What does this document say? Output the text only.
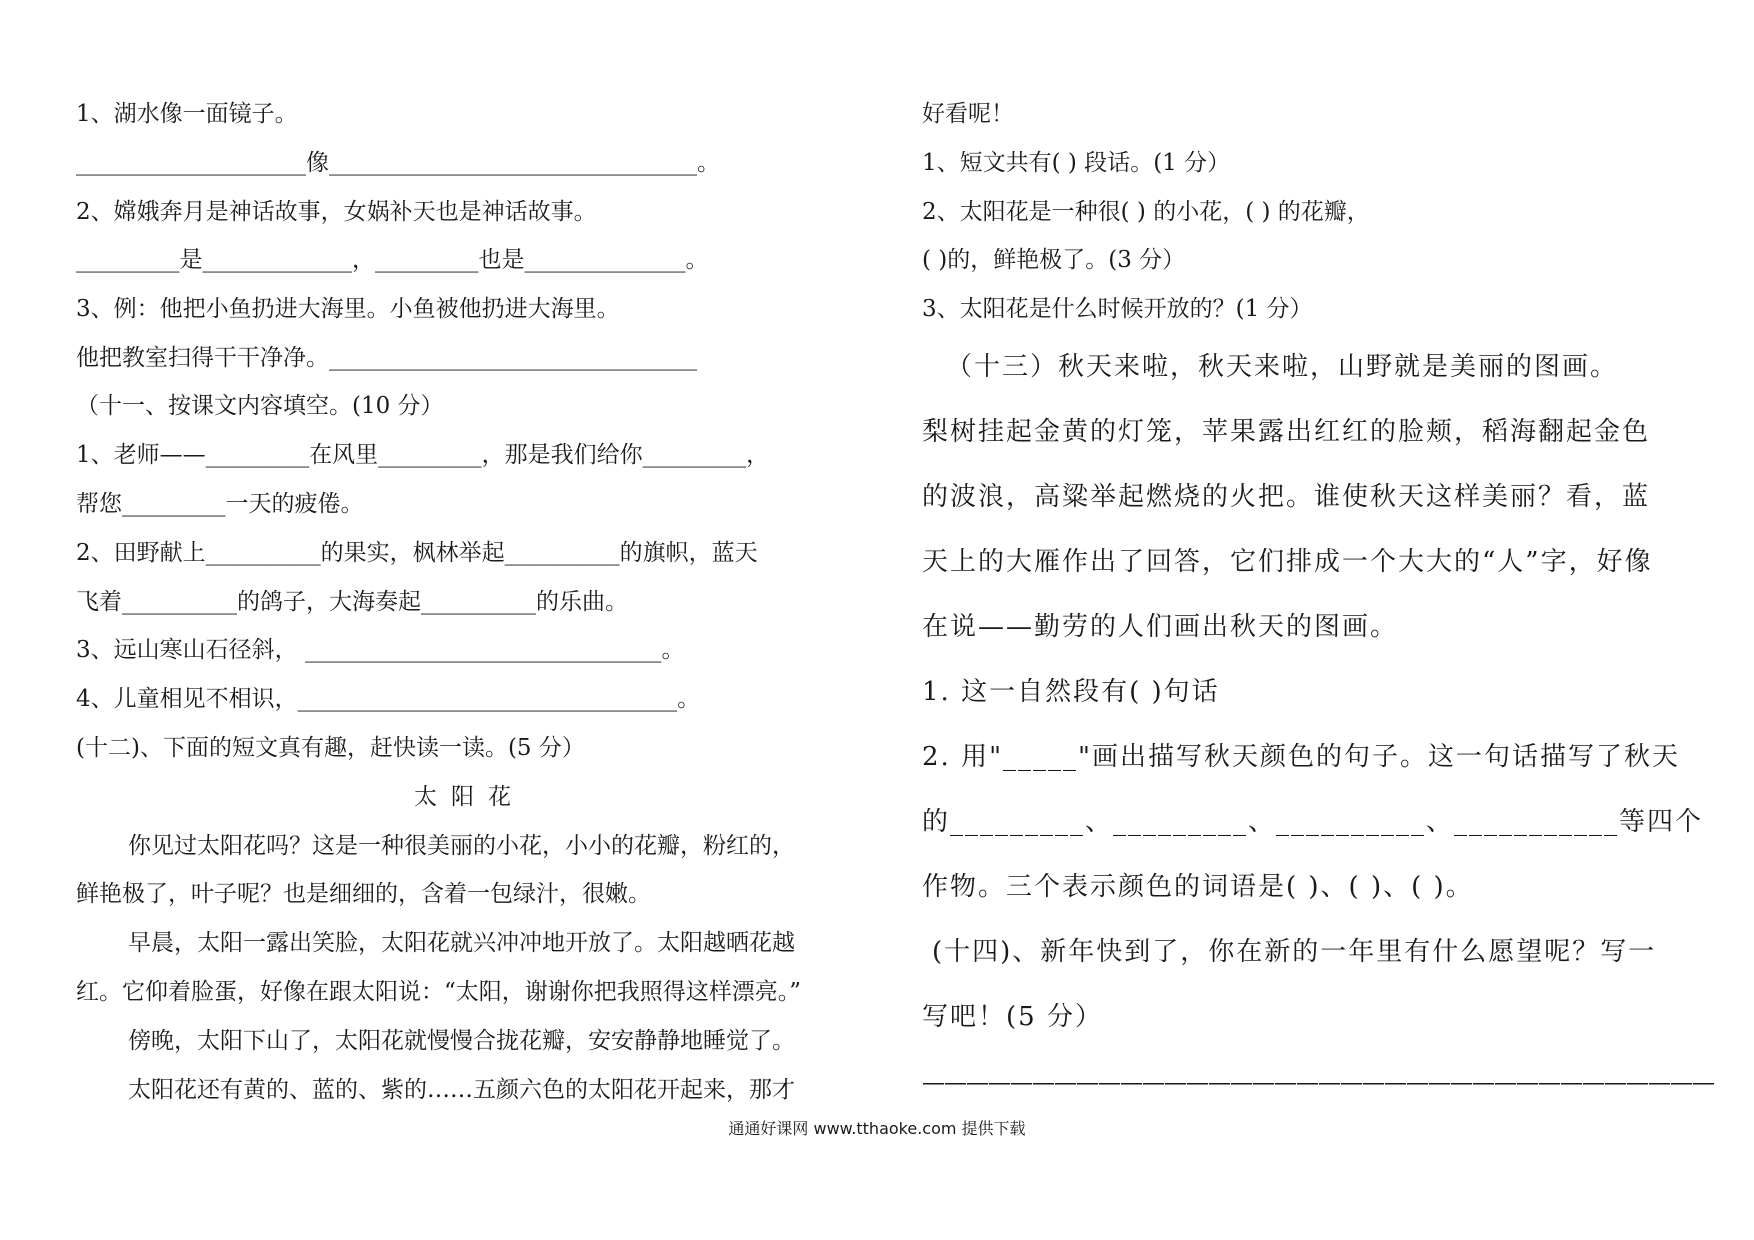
1、湖水像一面镜子。
____________________像________________________________。
2、嫦娥奔月是神话故事，女娲补天也是神话故事。
_________是_____________，_________也是______________。
3、例：他把小鱼扔进大海里。小鱼被他扔进大海里。
他把教室扫得干干净净。________________________________
（十一、按课文内容填空。(10 分）
1、老师——_________在风里_________，那是我们给你_________，
帮您_________一天的疲倦。
2、田野献上__________的果实，枫林举起__________的旗帜，蓝天
飞着__________的鸽子，大海奏起__________的乐曲。
3、远山寒山石径斜， _______________________________。
4、儿童相见不相识，_________________________________。
(十二)、下面的短文真有趣，赶快读一读。(5 分）
太阳花
你见过太阳花吗？这是一种很美丽的小花，小小的花瓣，粉红的，
鲜艳极了，叶子呢？也是细细的，含着一包绿汁，很嫩。
早晨，太阳一露出笑脸，太阳花就兴冲冲地开放了。太阳越晒花越
红。它仰着脸蛋，好像在跟太阳说：“太阳，谢谢你把我照得这样漂亮。”
傍晚，太阳下山了，太阳花就慢慢合拢花瓣，安安静静地睡觉了。
太阳花还有黄的、蓝的、紫的……五颜六色的太阳花开起来，那才
好看呢！
1、短文共有( ) 段话。(1 分）
2、太阳花是一种很( ) 的小花，( ) 的花瓣，
( )的，鲜艳极了。(3 分）
3、太阳花是什么时候开放的？(1 分）
（十三）秋天来啦，秋天来啦，山野就是美丽的图画。
梨树挂起金黄的灯笼，苹果露出红红的脸颊，稻海翻起金色
的波浪，高粱举起燃烧的火把。谁使秋天这样美丽？看，蓝
天上的大雁作出了回答，它们排成一个大大的“人”字，好像
在说——勤劳的人们画出秋天的图画。
1. 这一自然段有( )句话
2. 用"_____"画出描写秋天颜色的句子。这一句话描写了秋天
的_________、_________、__________、___________等四个
作物。三个表示颜色的词语是( )、( )、( )。
(十四)、新年快到了，你在新的一年里有什么愿望呢？写一
写吧！(5 分）
————————————————————————————————————
通通好课网 www.tthaoke.com 提供下载
